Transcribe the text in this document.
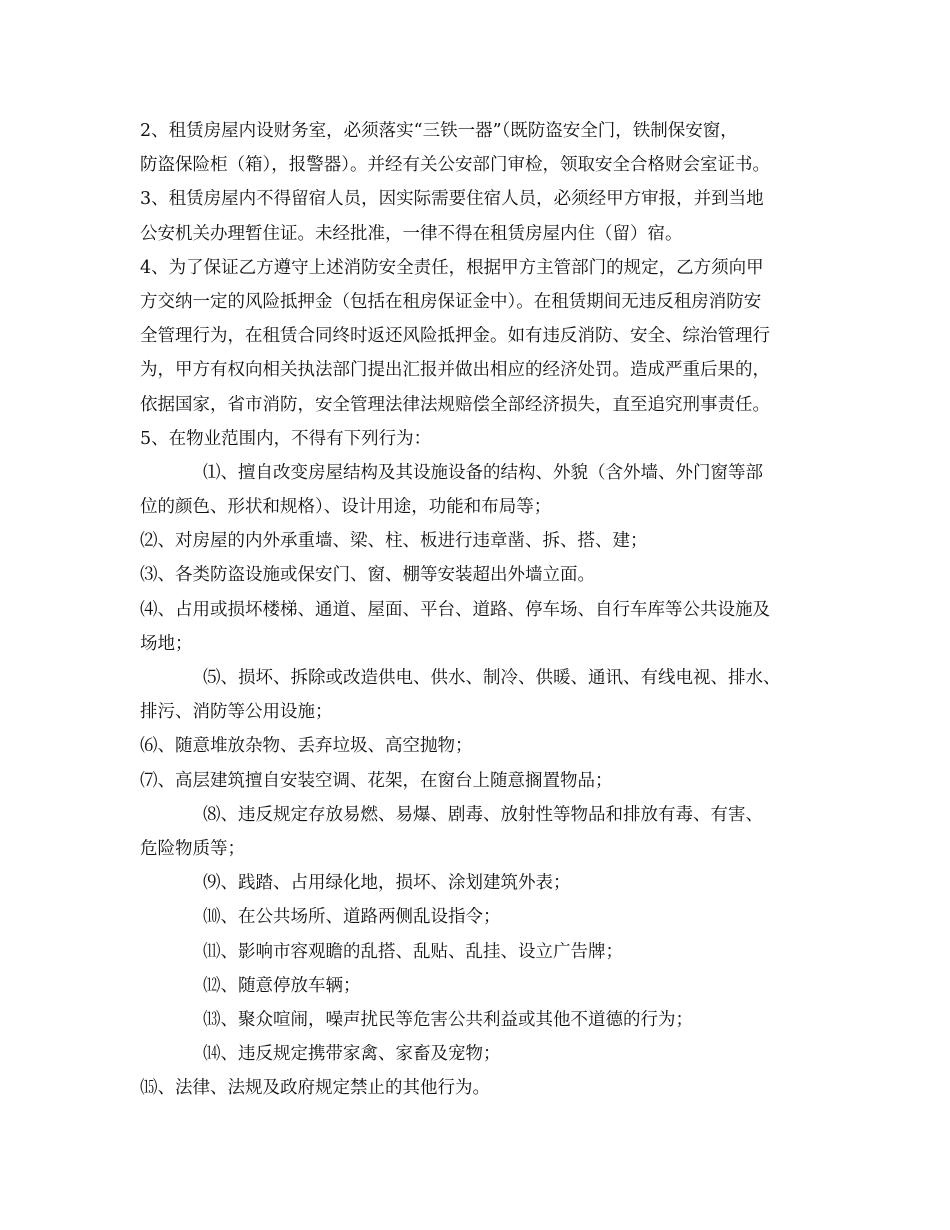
2、租赁房屋内设财务室，必须落实“三铁一器”（既防盗安全门，铁制保安窗，
防盗保险柜（箱），报警器）。并经有关公安部门审检，领取安全合格财会室证书。
3、租赁房屋内不得留宿人员，因实际需要住宿人员，必须经甲方审报，并到当地
公安机关办理暂住证。未经批准，一律不得在租赁房屋内住（留）宿。
4、为了保证乙方遵守上述消防安全责任，根据甲方主管部门的规定，乙方须向甲
方交纳一定的风险抵押金（包括在租房保证金中）。在租赁期间无违反租房消防安
全管理行为，在租赁合同终时返还风险抵押金。如有违反消防、安全、综治管理行
为，甲方有权向相关执法部门提出汇报并做出相应的经济处罚。造成严重后果的，
依据国家，省市消防，安全管理法律法规赔偿全部经济损失，直至追究刑事责任。
5、在物业范围内，不得有下列行为：
⑴、擅自改变房屋结构及其设施设备的结构、外貌（含外墙、外门窗等部
位的颜色、形状和规格）、设计用途，功能和布局等；
⑵、对房屋的内外承重墙、梁、柱、板进行违章凿、拆、搭、建；
⑶、各类防盗设施或保安门、窗、棚等安装超出外墙立面。
⑷、占用或损坏楼梯、通道、屋面、平台、道路、停车场、自行车库等公共设施及
场地；
⑸、损坏、拆除或改造供电、供水、制冷、供暖、通讯、有线电视、排水、
排污、消防等公用设施；
⑹、随意堆放杂物、丢弃垃圾、高空抛物；
⑺、高层建筑擅自安装空调、花架，在窗台上随意搁置物品；
⑻、违反规定存放易燃、易爆、剧毒、放射性等物品和排放有毒、有害、
危险物质等；
⑼、践踏、占用绿化地，损坏、涂划建筑外表；
⑽、在公共场所、道路两侧乱设指令；
⑾、影响市容观瞻的乱搭、乱贴、乱挂、设立广告牌；
⑿、随意停放车辆；
⒀、聚众喧闹，噪声扰民等危害公共利益或其他不道德的行为；
⒁、违反规定携带家禽、家畜及宠物；
⒂、法律、法规及政府规定禁止的其他行为。
